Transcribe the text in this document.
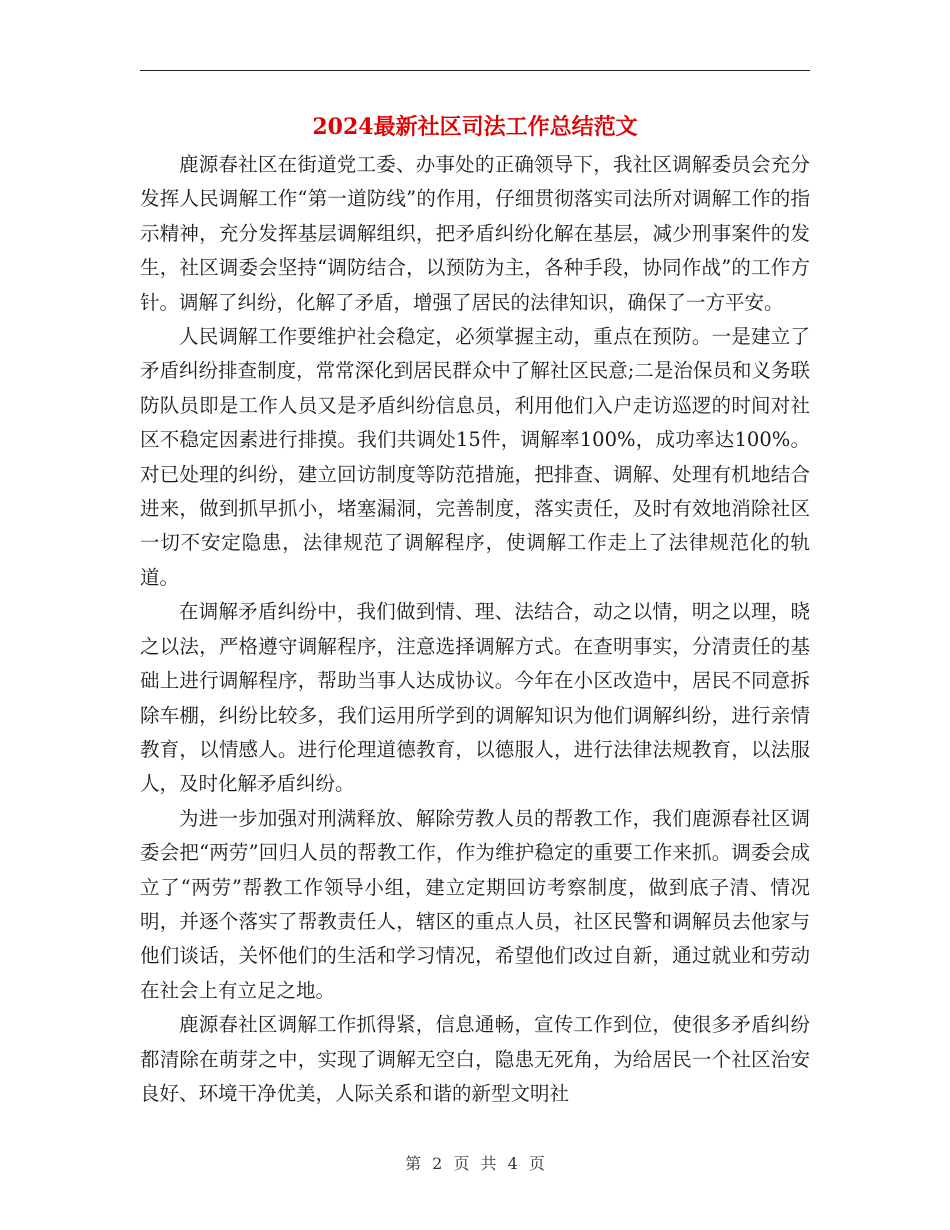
2024最新社区司法工作总结范文

鹿源春社区在街道党工委、办事处的正确领导下，我社区调解委员会充分发挥人民调解工作“第一道防线”的作用，仔细贯彻落实司法所对调解工作的指示精神，充分发挥基层调解组织，把矛盾纠纷化解在基层，减少刑事案件的发生，社区调委会坚持“调防结合，以预防为主，各种手段，协同作战”的工作方针。调解了纠纷，化解了矛盾，增强了居民的法律知识，确保了一方平安。

人民调解工作要维护社会稳定，必须掌握主动，重点在预防。一是建立了矛盾纠纷排查制度，常常深化到居民群众中了解社区民意;二是治保员和义务联防队员即是工作人员又是矛盾纠纷信息员，利用他们入户走访巡逻的时间对社区不稳定因素进行排摸。我们共调处15件，调解率100%，成功率达100%。对已处理的纠纷，建立回访制度等防范措施，把排查、调解、处理有机地结合进来，做到抓早抓小，堵塞漏洞，完善制度，落实责任，及时有效地消除社区一切不安定隐患，法律规范了调解程序，使调解工作走上了法律规范化的轨道。

在调解矛盾纠纷中，我们做到情、理、法结合，动之以情，明之以理，晓之以法，严格遵守调解程序，注意选择调解方式。在查明事实，分清责任的基础上进行调解程序，帮助当事人达成协议。今年在小区改造中，居民不同意拆除车棚，纠纷比较多，我们运用所学到的调解知识为他们调解纠纷，进行亲情教育，以情感人。进行伦理道德教育，以德服人，进行法律法规教育，以法服人，及时化解矛盾纠纷。

为进一步加强对刑满释放、解除劳教人员的帮教工作，我们鹿源春社区调委会把“两劳”回归人员的帮教工作，作为维护稳定的重要工作来抓。调委会成立了“两劳”帮教工作领导小组，建立定期回访考察制度，做到底子清、情况明，并逐个落实了帮教责任人，辖区的重点人员，社区民警和调解员去他家与他们谈话，关怀他们的生活和学习情况，希望他们改过自新，通过就业和劳动在社会上有立足之地。

鹿源春社区调解工作抓得紧，信息通畅，宣传工作到位，使很多矛盾纠纷都清除在萌芽之中，实现了调解无空白，隐患无死角，为给居民一个社区治安良好、环境干净优美，人际关系和谐的新型文明社

第 2 页 共 4 页
